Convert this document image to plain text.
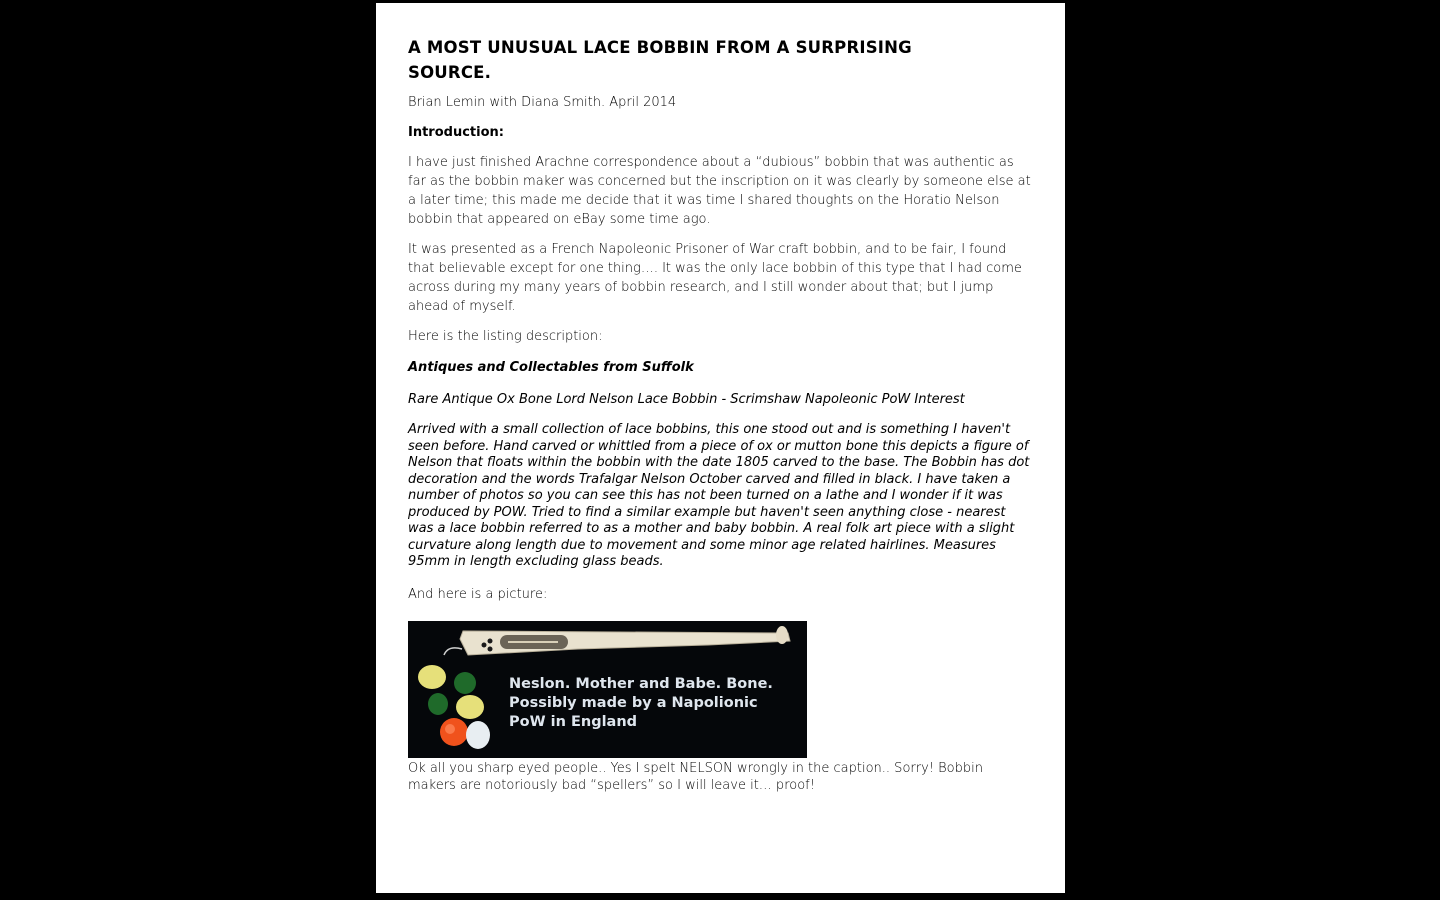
A MOST UNUSUAL LACE BOBBIN FROM A SURPRISING SOURCE.
Brian Lemin with Diana Smith. April 2014
Introduction:
I have just finished Arachne correspondence about a “dubious” bobbin that was authentic as far as the bobbin maker was concerned but the inscription on it was clearly by someone else at a later time; this made me decide that it was time I shared thoughts on the Horatio Nelson bobbin that appeared on eBay some time ago.
It was presented as a French Napoleonic Prisoner of War craft bobbin, and to be fair, I found that believable except for one thing…. It was the only lace bobbin of this type that I had come across during my many years of bobbin research, and I still wonder about that; but I jump ahead of myself.
Here is the listing description:
Antiques and Collectables from Suffolk
Rare Antique Ox Bone Lord Nelson Lace Bobbin - Scrimshaw Napoleonic PoW Interest
Arrived with a small collection of lace bobbins, this one stood out and is something I haven't seen before. Hand carved or whittled from a piece of ox or mutton bone this depicts a figure of Nelson that floats within the bobbin with the date 1805 carved to the base. The Bobbin has dot decoration and the words Trafalgar Nelson October carved and filled in black. I have taken a number of photos so you can see this has not been turned on a lathe and I wonder if it was produced by POW. Tried to find a similar example but haven't seen anything close - nearest was a lace bobbin referred to as a mother and baby bobbin. A real folk art piece with a slight curvature along length due to movement and some minor age related hairlines. Measures 95mm in length excluding glass beads.
And here is a picture:
Neslon. Mother and Babe. Bone.
Possibly made by a Napolionic
PoW in England
Ok all you sharp eyed people.. Yes I spelt NELSON wrongly in the caption.. Sorry! Bobbin makers are notoriously bad “spellers” so I will leave it… proof!
